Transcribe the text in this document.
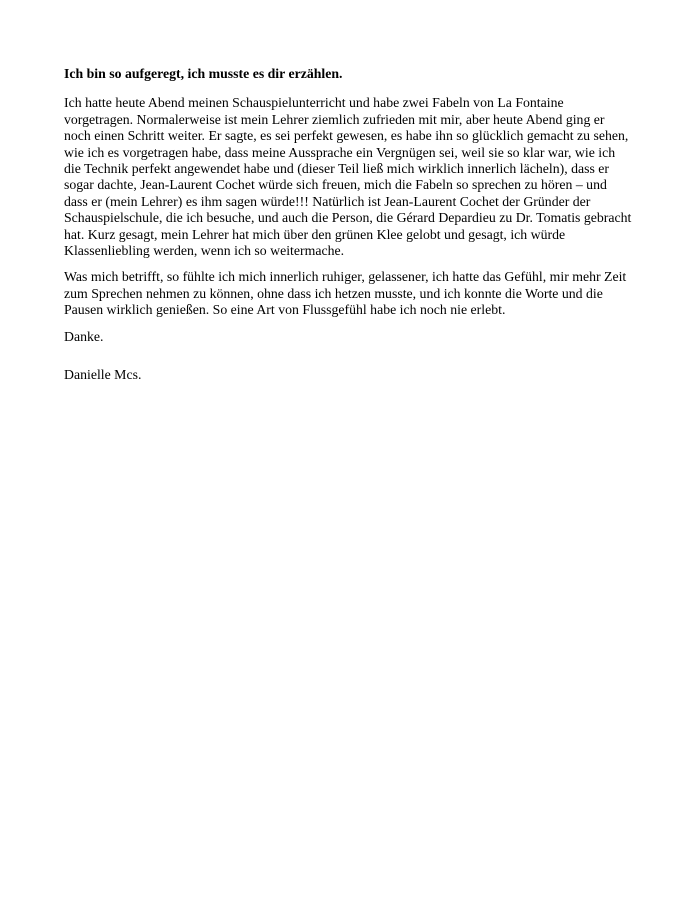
Ich bin so aufgeregt, ich musste es dir erzählen.

Ich hatte heute Abend meinen Schauspielunterricht und habe zwei Fabeln von La Fontaine vorgetragen. Normalerweise ist mein Lehrer ziemlich zufrieden mit mir, aber heute Abend ging er noch einen Schritt weiter. Er sagte, es sei perfekt gewesen, es habe ihn so glücklich gemacht zu sehen, wie ich es vorgetragen habe, dass meine Aussprache ein Vergnügen sei, weil sie so klar war, wie ich die Technik perfekt angewendet habe und (dieser Teil ließ mich wirklich innerlich lächeln), dass er sogar dachte, Jean-Laurent Cochet würde sich freuen, mich die Fabeln so sprechen zu hören – und dass er (mein Lehrer) es ihm sagen würde!!! Natürlich ist Jean-Laurent Cochet der Gründer der Schauspielschule, die ich besuche, und auch die Person, die Gérard Depardieu zu Dr. Tomatis gebracht hat. Kurz gesagt, mein Lehrer hat mich über den grünen Klee gelobt und gesagt, ich würde Klassenliebling werden, wenn ich so weitermache.

Was mich betrifft, so fühlte ich mich innerlich ruhiger, gelassener, ich hatte das Gefühl, mir mehr Zeit zum Sprechen nehmen zu können, ohne dass ich hetzen musste, und ich konnte die Worte und die Pausen wirklich genießen. So eine Art von Flussgefühl habe ich noch nie erlebt.

Danke.

Danielle Mcs.
